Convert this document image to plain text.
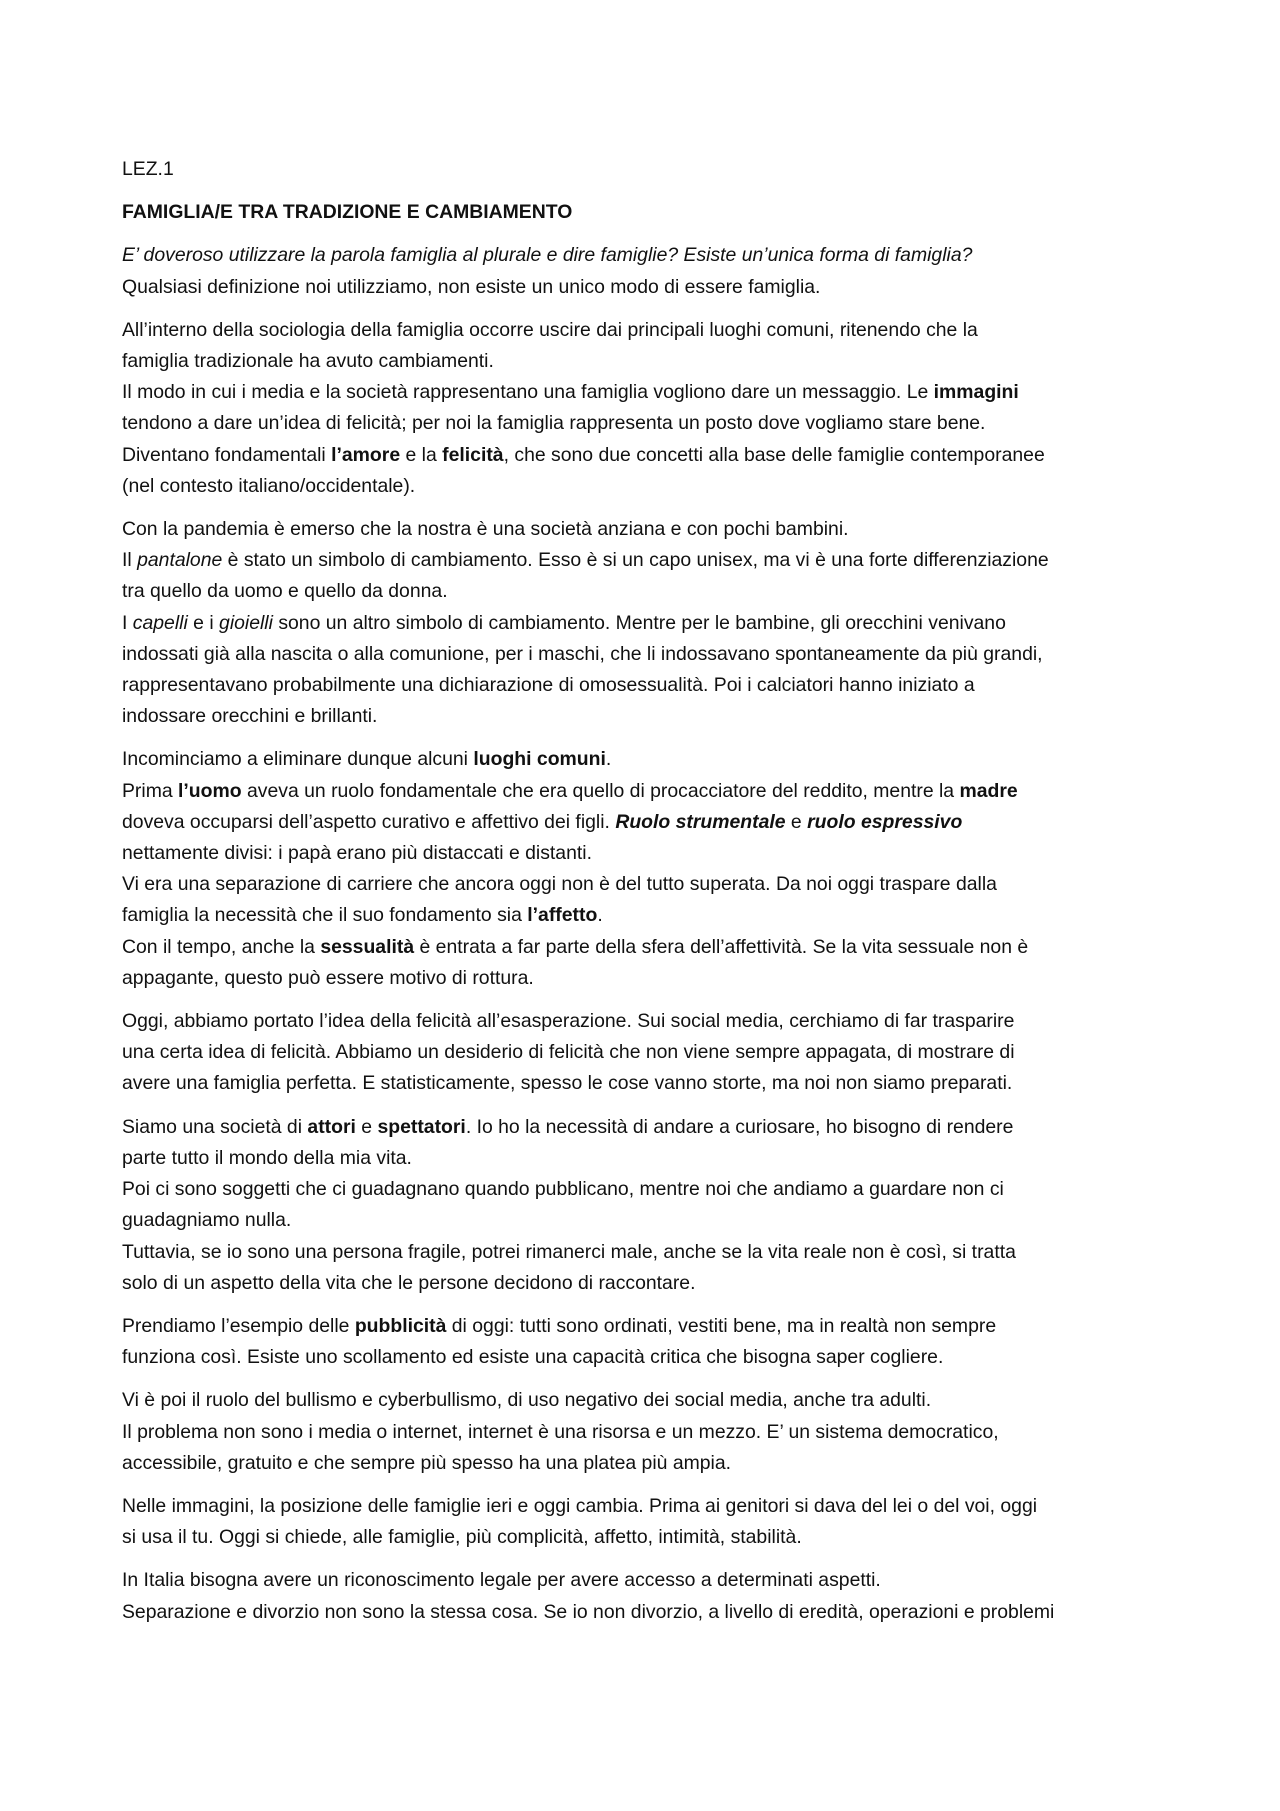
LEZ.1

FAMIGLIA/E TRA TRADIZIONE E CAMBIAMENTO

E’ doveroso utilizzare la parola famiglia al plurale e dire famiglie? Esiste un’unica forma di famiglia?
Qualsiasi definizione noi utilizziamo, non esiste un unico modo di essere famiglia.

All’interno della sociologia della famiglia occorre uscire dai principali luoghi comuni, ritenendo che la
famiglia tradizionale ha avuto cambiamenti.
Il modo in cui i media e la società rappresentano una famiglia vogliono dare un messaggio. Le immagini
tendono a dare un’idea di felicità; per noi la famiglia rappresenta un posto dove vogliamo stare bene.
Diventano fondamentali l’amore e la felicità, che sono due concetti alla base delle famiglie contemporanee
(nel contesto italiano/occidentale).

Con la pandemia è emerso che la nostra è una società anziana e con pochi bambini.
Il pantalone è stato un simbolo di cambiamento. Esso è si un capo unisex, ma vi è una forte differenziazione
tra quello da uomo e quello da donna.
I capelli e i gioielli sono un altro simbolo di cambiamento. Mentre per le bambine, gli orecchini venivano
indossati già alla nascita o alla comunione, per i maschi, che li indossavano spontaneamente da più grandi,
rappresentavano probabilmente una dichiarazione di omosessualità. Poi i calciatori hanno iniziato a
indossare orecchini e brillanti.

Incominciamo a eliminare dunque alcuni luoghi comuni.
Prima l’uomo aveva un ruolo fondamentale che era quello di procacciatore del reddito, mentre la madre
doveva occuparsi dell’aspetto curativo e affettivo dei figli. Ruolo strumentale e ruolo espressivo
nettamente divisi: i papà erano più distaccati e distanti.
Vi era una separazione di carriere che ancora oggi non è del tutto superata. Da noi oggi traspare dalla
famiglia la necessità che il suo fondamento sia l’affetto.
Con il tempo, anche la sessualità è entrata a far parte della sfera dell’affettività. Se la vita sessuale non è
appagante, questo può essere motivo di rottura.

Oggi, abbiamo portato l’idea della felicità all’esasperazione. Sui social media, cerchiamo di far trasparire
una certa idea di felicità. Abbiamo un desiderio di felicità che non viene sempre appagata, di mostrare di
avere una famiglia perfetta. E statisticamente, spesso le cose vanno storte, ma noi non siamo preparati.

Siamo una società di attori e spettatori. Io ho la necessità di andare a curiosare, ho bisogno di rendere
parte tutto il mondo della mia vita.
Poi ci sono soggetti che ci guadagnano quando pubblicano, mentre noi che andiamo a guardare non ci
guadagniamo nulla.
Tuttavia, se io sono una persona fragile, potrei rimanerci male, anche se la vita reale non è così, si tratta
solo di un aspetto della vita che le persone decidono di raccontare.

Prendiamo l’esempio delle pubblicità di oggi: tutti sono ordinati, vestiti bene, ma in realtà non sempre
funziona così. Esiste uno scollamento ed esiste una capacità critica che bisogna saper cogliere.

Vi è poi il ruolo del bullismo e cyberbullismo, di uso negativo dei social media, anche tra adulti.
Il problema non sono i media o internet, internet è una risorsa e un mezzo. E’ un sistema democratico,
accessibile, gratuito e che sempre più spesso ha una platea più ampia.

Nelle immagini, la posizione delle famiglie ieri e oggi cambia. Prima ai genitori si dava del lei o del voi, oggi
si usa il tu. Oggi si chiede, alle famiglie, più complicità, affetto, intimità, stabilità.

In Italia bisogna avere un riconoscimento legale per avere accesso a determinati aspetti.
Separazione e divorzio non sono la stessa cosa. Se io non divorzio, a livello di eredità, operazioni e problemi
